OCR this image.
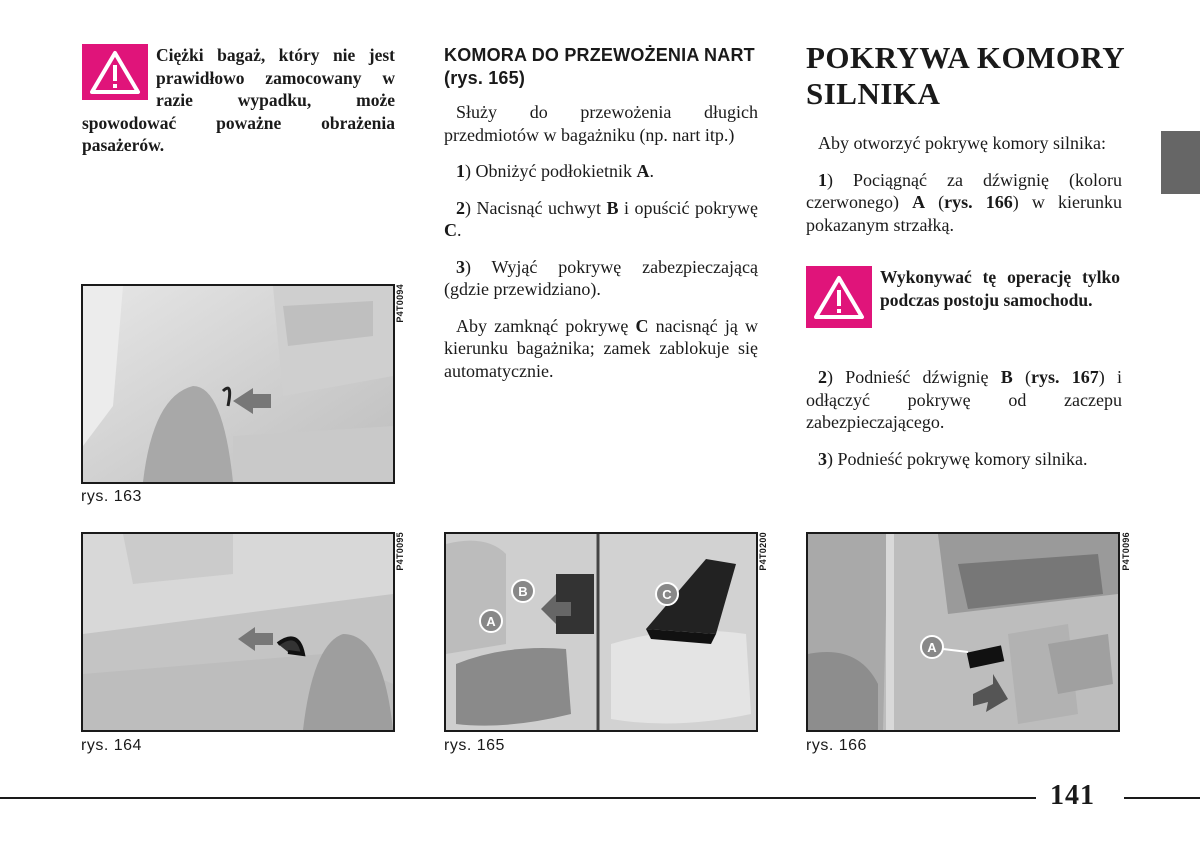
Ciężki bagaż, który nie jest prawidłowo zamocowany w razie wypadku, może spowodować poważne obrażenia pasażerów.
P4T0094
rys. 163
P4T0095
rys. 164
KOMORA DO PRZEWOŻENIA NART (rys. 165)

Służy do przewożenia długich przedmiotów w bagażniku (np. nart itp.)

1) Obniżyć podłokietnik A.

2) Nacisnąć uchwyt B i opuścić pokrywę C.

3) Wyjąć pokrywę zabezpieczającą (gdzie przewidziano).

Aby zamknąć pokrywę C nacisnąć ją w kierunku bagażnika; zamek zablokuje się automatycznie.

A
B	C
P4T0200
rys. 165
POKRYWA KOMORY SILNIKA

Aby otworzyć pokrywę komory silnika:

1) Pociągnąć za dźwignię (koloru czerwonego) A (rys. 166) w kierunku pokazanym strzałką.

Wykonywać tę operację tylko podczas postoju samochodu.

2) Podnieść dźwignię B (rys. 167) i odłączyć pokrywę od zaczepu zabezpieczającego.

3) Podnieść pokrywę komory silnika.

A
P4T0096
rys. 166
141
